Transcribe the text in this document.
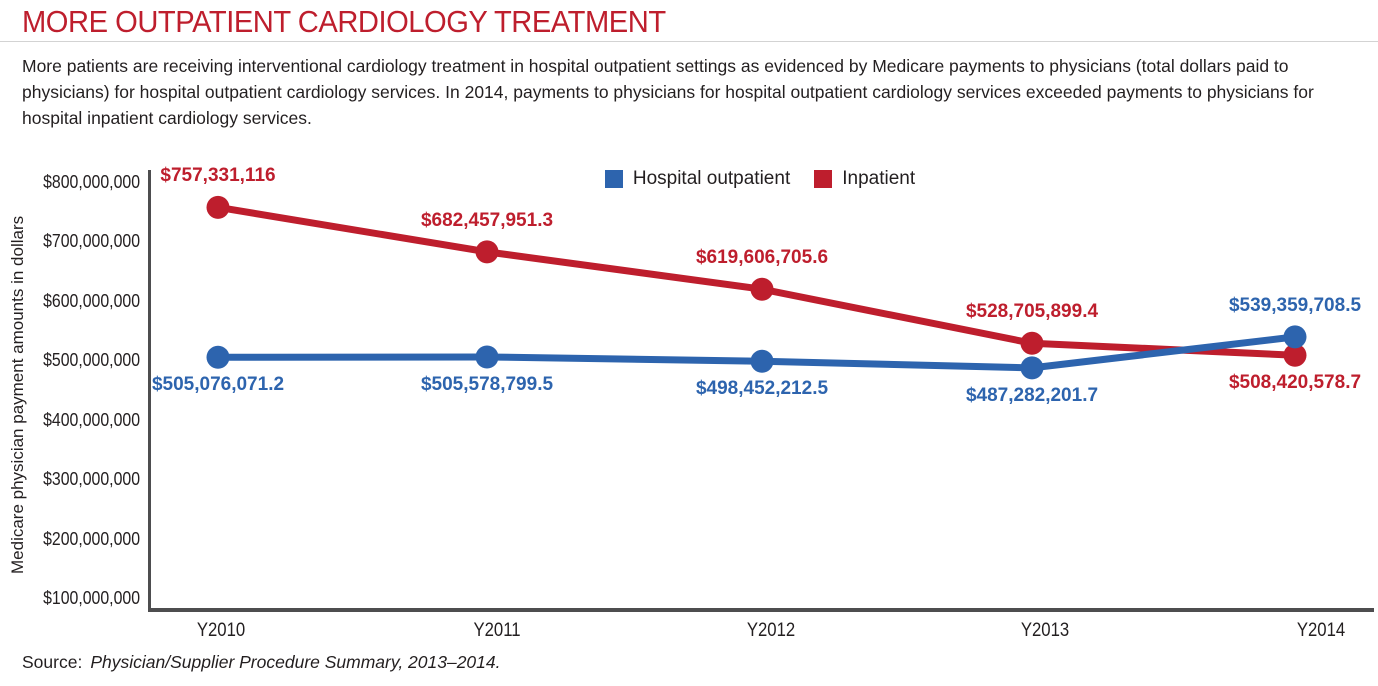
MORE OUTPATIENT CARDIOLOGY TREATMENT

More patients are receiving interventional cardiology treatment in hospital outpatient settings as evidenced by Medicare payments to physicians (total dollars paid to physicians) for hospital outpatient cardiology services. In 2014, payments to physicians for hospital outpatient cardiology services exceeded payments to physicians for hospital inpatient cardiology services.

Medicare physician payment amounts in dollars
Hospital outpatient	Inpatient
$800,000,000
$700,000,000
$600,000,000
$500,000,000
$400,000,000
$300,000,000
$200,000,000
$100,000,000
Y2010	Y2011	Y2012	Y2013	Y2014
$505,076,071.2	$505,578,799.5	$498,452,212.5	$487,282,201.7
$539,359,708.5
$757,331,116
$682,457,951.3
$619,606,705.6
$528,705,899.4
$508,420,578.7
Source: Physician/Supplier Procedure Summary, 2013–2014.
